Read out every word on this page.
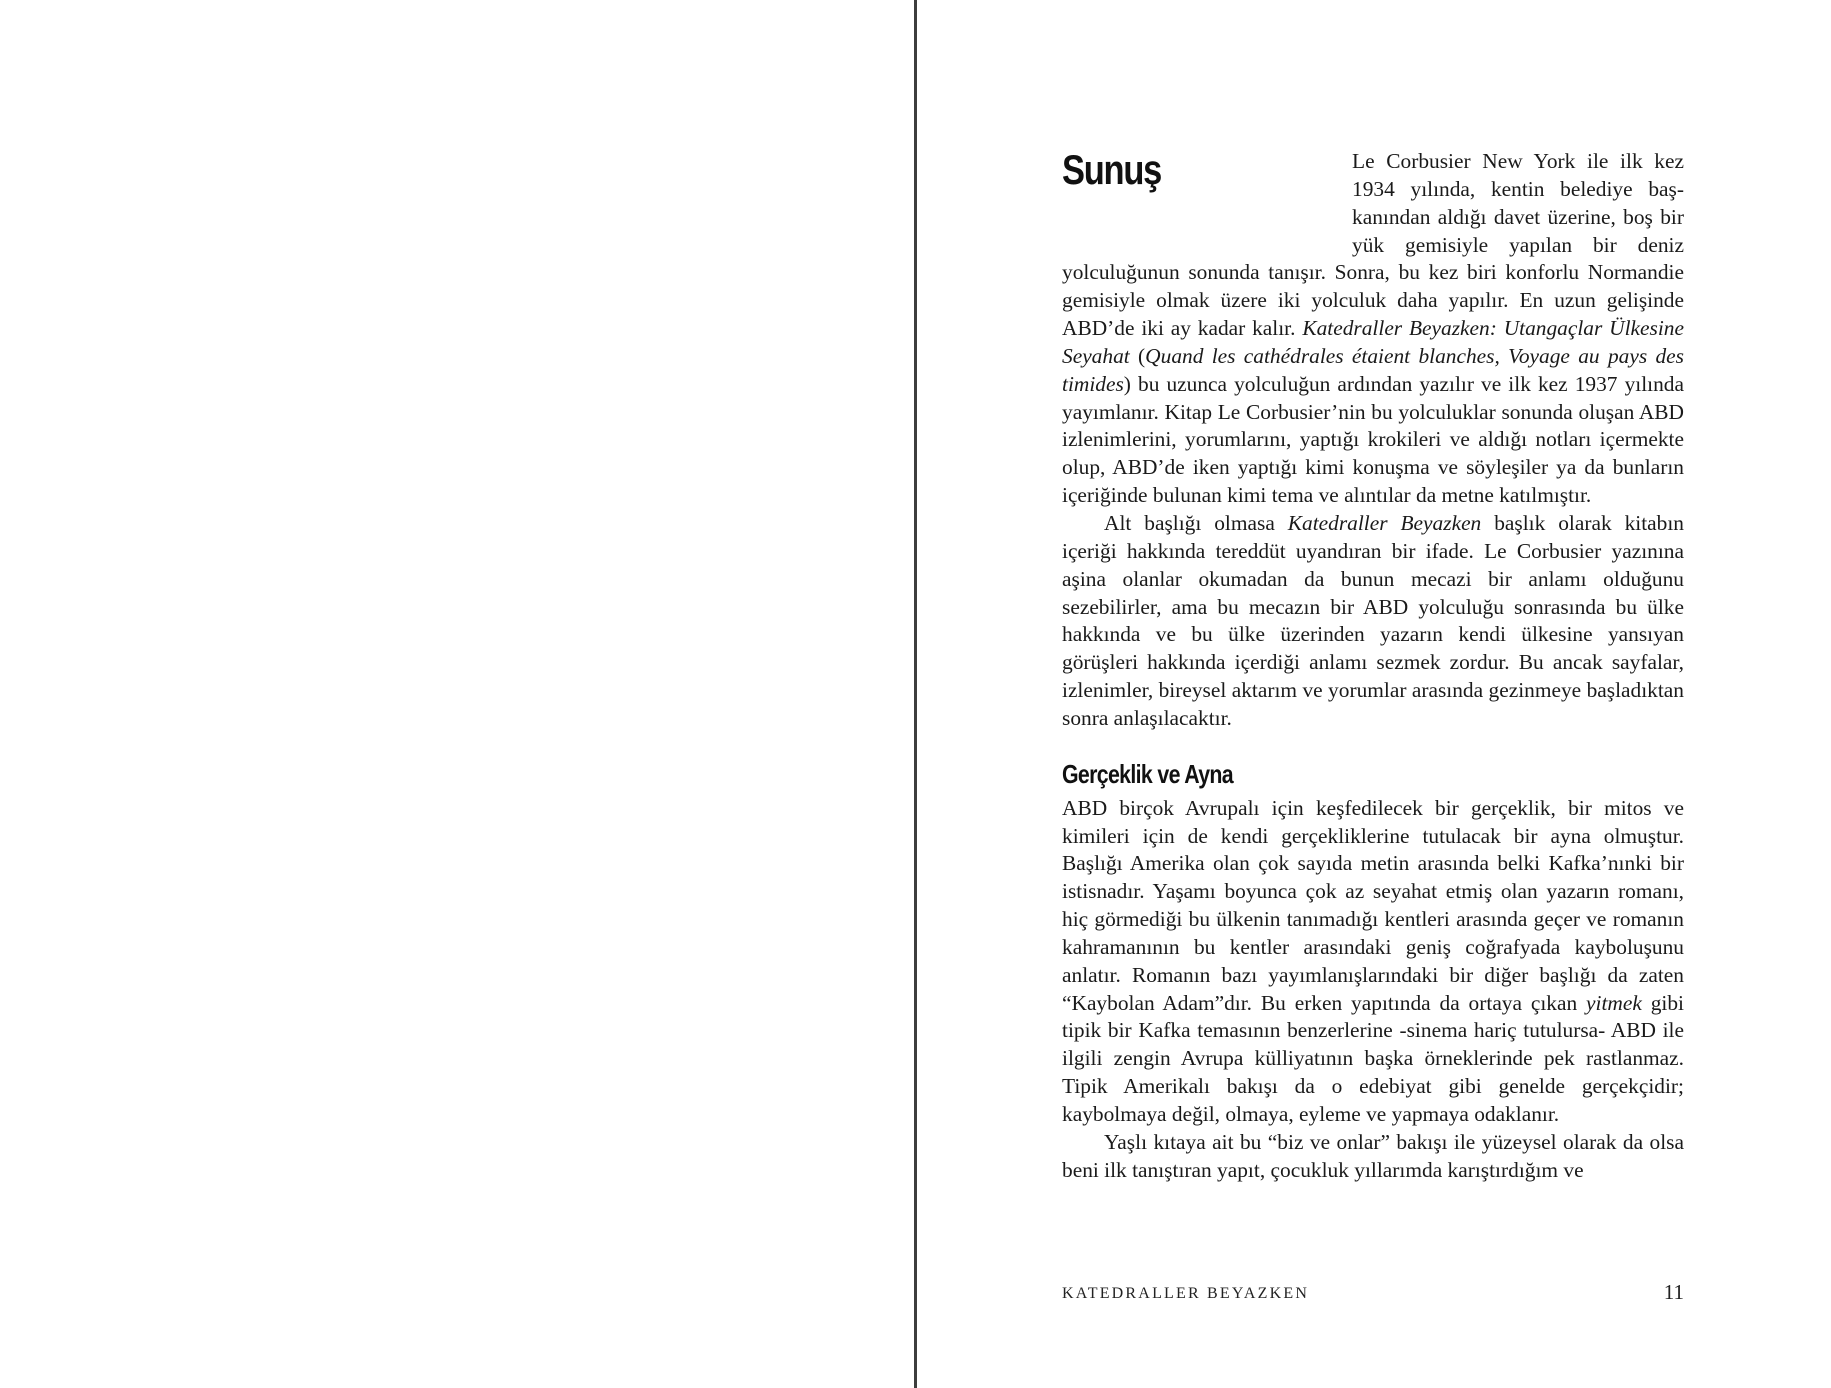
Sunuş	Le Corbusier New York ile ilk kez 1934 yılında, kentin belediye başkanından aldığı davet üzerine, boş bir yük gemisiyle yapılan bir deniz yolculuğunun sonunda tanışır. Sonra, bu kez biri konforlu Normandie gemisiyle olmak üzere iki yolculuk daha yapılır. En uzun gelişinde ABD’de iki ay kadar kalır. Katedraller Beyazken: Utangaçlar Ülkesine Seyahat (Quand les cathédrales étaient blanches, Voyage au pays des timides) bu uzunca yolculuğun ardından yazılır ve ilk kez 1937 yılında yayımlanır. Kitap Le Corbusier’nin bu yolculuklar sonunda oluşan ABD izlenimlerini, yorumlarını, yaptığı krokileri ve aldığı notları içermekte olup, ABD’de iken yaptığı kimi konuşma ve söyleşiler ya da bunların içeriğinde bulunan kimi tema ve alıntılar da metne katılmıştır.

Alt başlığı olmasa Katedraller Beyazken başlık olarak kitabın içeriği hakkında tereddüt uyandıran bir ifade. Le Corbusier yazınına aşina olanlar okumadan da bunun mecazi bir anlamı olduğunu sezebilirler, ama bu mecazın bir ABD yolculuğu sonrasında bu ülke hakkında ve bu ülke üzerinden yazarın kendi ülkesine yansıyan görüşleri hakkında içerdiği anlamı sezmek zordur. Bu ancak sayfalar, izlenimler, bireysel aktarım ve yorumlar arasında gezinmeye başladıktan sonra anlaşılacaktır.

Gerçeklik ve Ayna

ABD birçok Avrupalı için keşfedilecek bir gerçeklik, bir mitos ve kimileri için de kendi gerçekliklerine tutulacak bir ayna olmuştur. Başlığı Amerika olan çok sayıda metin arasında belki Kafka’nınki bir istisnadır. Yaşamı boyunca çok az seyahat etmiş olan yazarın romanı, hiç görmediği bu ülkenin tanımadığı kentleri arasında geçer ve romanın kahramanının bu kentler arasındaki geniş coğrafyada kayboluşunu anlatır. Romanın bazı yayımlanışlarındaki bir diğer başlığı da zaten “Kaybolan Adam”dır. Bu erken yapıtında da ortaya çıkan yitmek gibi tipik bir Kafka temasının benzerlerine -sinema hariç tutulursa- ABD ile ilgili zengin Avrupa külliyatının başka örneklerinde pek rastlanmaz. Tipik Amerikalı bakışı da o edebiyat gibi genelde gerçekçidir; kaybolmaya değil, olmaya, eyleme ve yapmaya odaklanır.

Yaşlı kıtaya ait bu “biz ve onlar” bakışı ile yüzeysel olarak da olsa beni ilk tanıştıran yapıt, çocukluk yıllarımda karıştırdığım ve

KATEDRALLER BEYAZKEN	11
